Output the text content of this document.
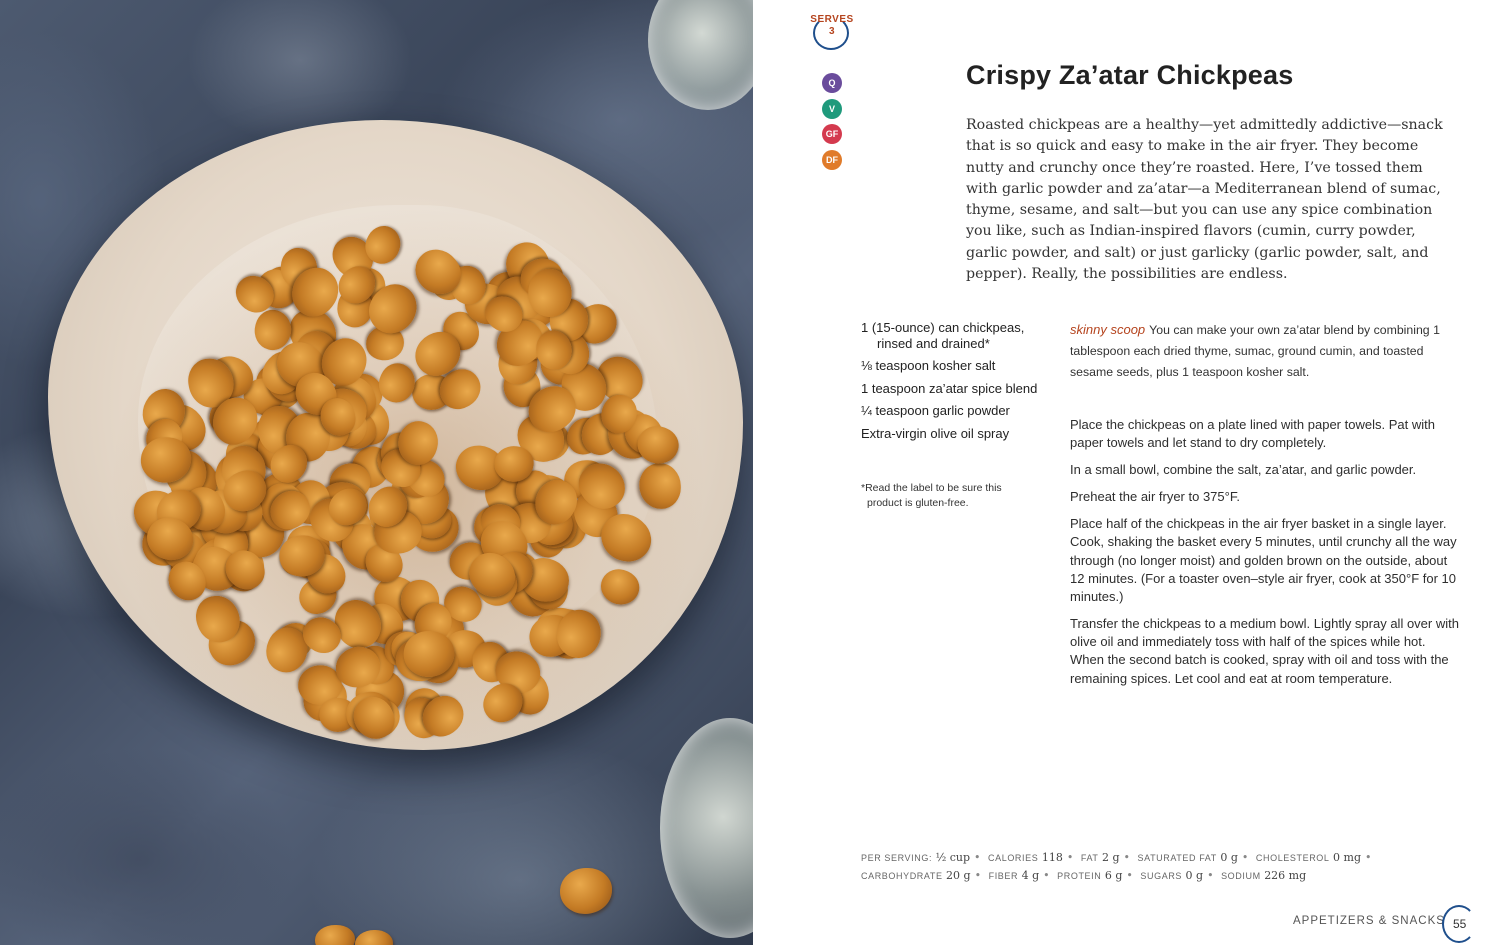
SERVES
3
Q
V
GF
DF
Crispy Za’atar Chickpeas

Roasted chickpeas are a healthy—yet admittedly addictive—snack that is so quick and easy to make in the air fryer. They become nutty and crunchy once they’re roasted. Here, I’ve tossed them with garlic powder and za’atar—a Mediterranean blend of sumac, thyme, sesame, and salt—but you can use any spice combination you like, such as Indian-inspired flavors (cumin, curry powder, garlic powder, and salt) or just garlicky (garlic powder, salt, and pepper). Really, the possibilities are endless.

1 (15-ounce) can chickpeas, rinsed and drained*
⅛ teaspoon kosher salt
1 teaspoon za’atar spice blend
¼ teaspoon garlic powder
Extra-virgin olive oil spray

*Read the label to be sure this product is gluten-free.

skinny scoop You can make your own za’atar blend by combining 1 tablespoon each dried thyme, sumac, ground cumin, and toasted sesame seeds, plus 1 teaspoon kosher salt.

Place the chickpeas on a plate lined with paper towels. Pat with paper towels and let stand to dry completely.

In a small bowl, combine the salt, za’atar, and garlic powder.

Preheat the air fryer to 375°F.

Place half of the chickpeas in the air fryer basket in a single layer. Cook, shaking the basket every 5 minutes, until crunchy all the way through (no longer moist) and golden brown on the outside, about 12 minutes. (For a toaster oven–style air fryer, cook at 350°F for 10 minutes.)

Transfer the chickpeas to a medium bowl. Lightly spray all over with olive oil and immediately toss with half of the spices while hot. When the second batch is cooked, spray with oil and toss with the remaining spices. Let cool and eat at room temperature.

PER SERVING: ½ cup • CALORIES 118 • FAT 2 g • SATURATED FAT 0 g • CHOLESTEROL 0 mg •
CARBOHYDRATE 20 g • FIBER 4 g • PROTEIN 6 g • SUGARS 0 g • SODIUM 226 mg
APPETIZERS & SNACKS 55
